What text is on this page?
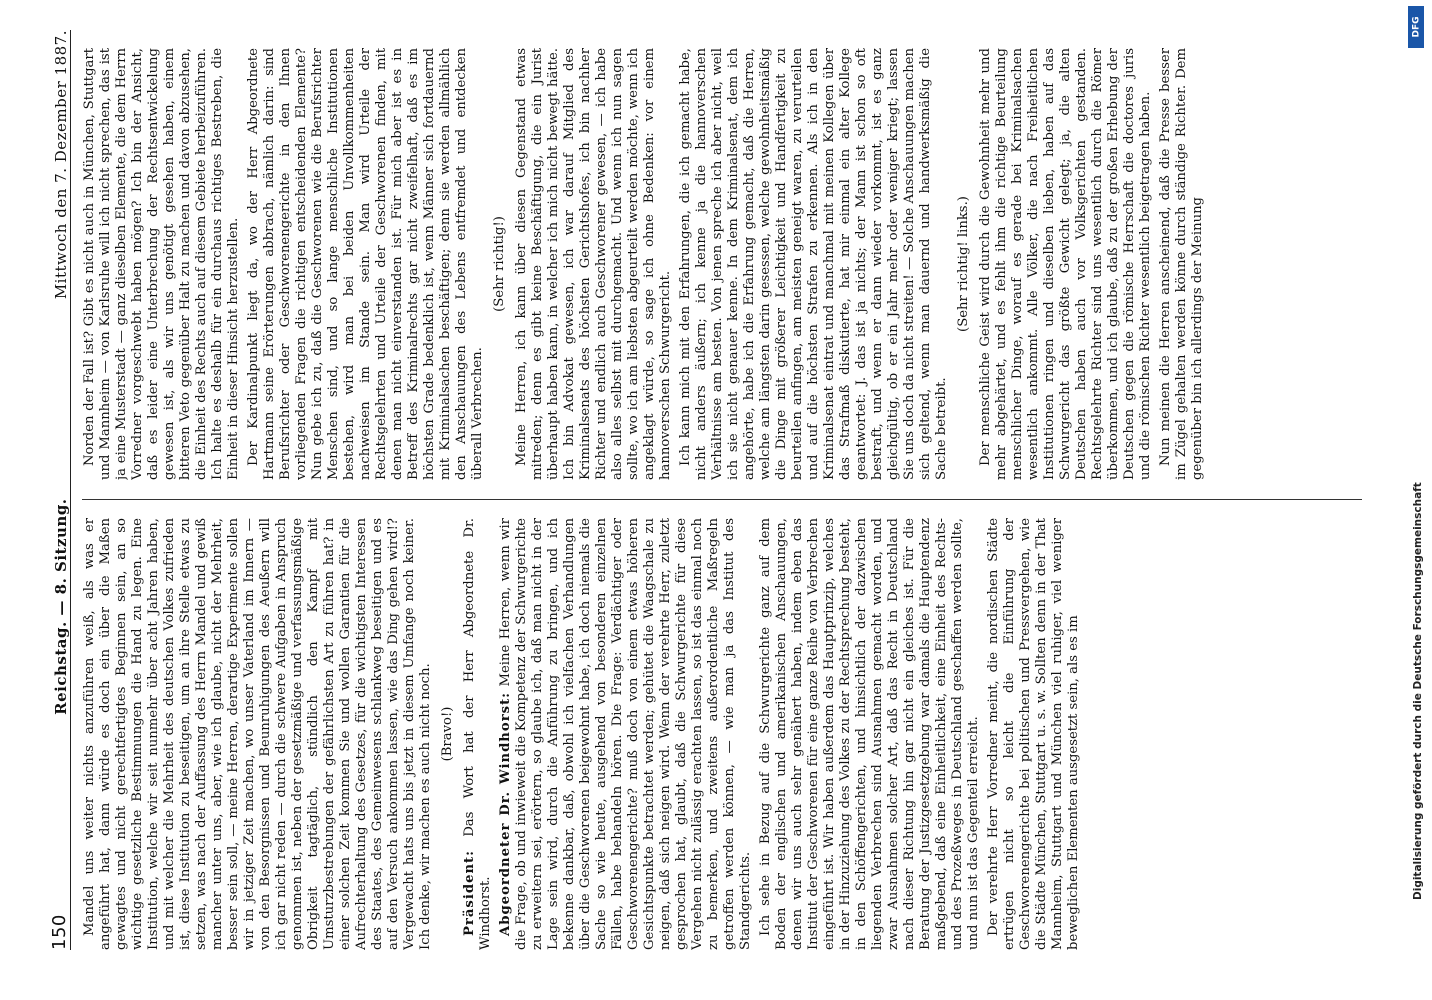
150
Reichstag. — 8. Sitzung.
Mittwoch den 7. Dezember 1887.

Mandel uns weiter nichts anzuführen weiß, als was er angeführt hat, dann würde es doch ein über die Maßen gewagtes und nicht gerechtfertigtes Beginnen sein, an so wichtige gesetzliche Bestimmungen die Hand zu legen. Eine Institution, welche wir seit nunmehr über acht Jahren haben, und mit welcher die Mehrheit des deutschen Volkes zufrieden ist, diese Institution zu beseitigen, um an ihre Stelle etwas zu setzen, was nach der Auffassung des Herrn Mandel und gewiß mancher unter uns, aber, wie ich glaube, nicht der Mehrheit, besser sein soll, — meine Herren, derartige Experimente sollen wir in jetziger Zeit machen, wo unser Vaterland im Innern — von den Besorgnissen und Beunruhigungen des Aeußern will ich gar nicht reden — durch die schwere Aufgaben in Anspruch genommen ist, neben der gesetzmäßige und verfassungsmäßige Obrigkeit tagtäglich, stündlich den Kampf mit Umsturzbestrebungen der gefährlichsten Art zu führen hat? in einer solchen Zeit kommen Sie und wollen Garantien für die Aufrechterhaltung des Gesetzes, für die wichtigsten Interessen des Staates, des Gemeinwesens schlankweg beseitigen und es auf den Versuch ankommen lassen, wie das Ding gehen wird!? Vergewacht hats uns bis jetzt in diesem Umfange noch keiner. Ich denke, wir machen es auch nicht noch. (Bravo!)

Präsident: Das Wort hat der Herr Abgeordnete Dr. Windhorst. Abgeordneter Dr. Windhorst: Meine Herren, wenn wir die Frage, ob und inwieweit die Kompetenz der Schwurgerichte zu erweitern sei, erörtern, so glaube ich, daß man nicht in der Lage sein wird, durch die Anführung zu bringen, und ich bekenne dankbar, daß, obwohl ich vielfachen Verhandlungen über die Geschworenen beigewohnt habe, ich doch niemals die Sache so wie heute, ausgehend von besonderen einzelnen Fällen, habe behandeln hören. Die Frage: Verdächtiger oder Geschworenengerichte? muß doch von einem etwas höheren Gesichtspunkte betrachtet werden; gehütet die Waagschale zu neigen, daß sich neigen wird. Wenn der verehrte Herr, zuletzt gesprochen hat, glaubt, daß die Schwurgerichte für diese Vergehen nicht zulässig erachten lassen, so ist das einmal noch zu bemerken, und zweitens außerordentliche Maßregeln getroffen werden können, — wie man ja das Institut des Standgerichts. Ich sehe in Bezug auf die Schwurgerichte ganz auf dem Boden der englischen und amerikanischen Anschauungen, denen wir uns auch sehr genähert haben, indem eben das Institut der Geschworenen für eine ganze Reihe von Verbrechen eingeführt ist. Wir haben außerdem das Hauptprinzip, welches in der Hinzuziehung des Volkes zu der Rechtsprechung besteht, in den Schöffengerichten, und hinsichtlich der dazwischen liegenden Verbrechen sind Ausnahmen gemacht worden, und zwar Ausnahmen solcher Art, daß das Recht in Deutschland nach dieser Richtung hin gar nicht ein gleiches ist. Für die Beratung der Justizgesetzgebung war damals die Hauptendenz maßgebend, daß eine Einheitlichkeit, eine Einheit des Rechts- und des Prozeßweges in Deutschland geschaffen werden sollte, und nun ist das Gegenteil erreicht. Der verehrte Herr Vorredner meint, die nordischen Städte ertrügen nicht so leicht die Einführung der Geschworenengerichte bei politischen und Pressvergehen, wie die Städte München, Stuttgart u. s. w. Sollten denn in der That Mannheim, Stuttgart und München viel ruhiger, viel weniger beweglichen Elementen ausgesetzt sein, als es im

Norden der Fall ist? Gibt es nicht auch in München, Stuttgart und Mannheim — von Karlsruhe will ich nicht sprechen, das ist ja eine Musterstadt — ganz dieselben Elemente, die dem Herrn Vorredner vorgeschwebt haben mögen? Ich bin der Ansicht, daß es leider eine Unterbrechung der Rechtsentwickelung gewesen ist, als wir uns genötigt gesehen haben, einem bitteren Veto gegenüber Halt zu machen und davon abzusehen, die Einheit des Rechts auch auf diesem Gebiete herbeizuführen. Ich halte es deshalb für ein durchaus richtiges Bestreben, die Einheit in dieser Hinsicht herzustellen. Der Kardinalpunkt liegt da, wo der Herr Abgeordnete Hartmann seine Erörterungen abbrach, nämlich darin: sind Berufsrichter oder Geschworenengerichte in den Ihnen vorliegenden Fragen die richtigen entscheidenden Elemente? Nun gebe ich zu, daß die Geschworenen wie die Berufsrichter Menschen sind, und so lange menschliche Institutionen bestehen, wird man bei beiden Unvollkommenheiten nachweisen im Stande sein. Man wird Urteile der Rechtsgelehrten und Urteile der Geschworenen finden, mit denen man nicht einverstanden ist. Für mich aber ist es in Betreff des Kriminalrechts gar nicht zweifelhaft, daß es im höchsten Grade bedenklich ist, wenn Männer sich fortdauernd mit Kriminalsachen beschäftigen; denn sie werden allmählich den Anschauungen des Lebens entfremdet und entdecken überall Verbrechen.

(Sehr richtig!) Meine Herren, ich kann über diesen Gegenstand etwas mitreden; denn es gibt keine Beschäftigung, die ein Jurist überhaupt haben kann, in welcher ich mich nicht bewegt hätte. Ich bin Advokat gewesen, ich war darauf Mitglied des Kriminalsenats des höchsten Gerichtshofes, ich bin nachher Richter und endlich auch Geschworener gewesen, — ich habe also alles selbst mit durchgemacht. Und wenn ich nun sagen sollte, wo ich am liebsten abgeurteilt werden möchte, wenn ich angeklagt würde, so sage ich ohne Bedenken: vor einem hannoverschen Schwurgericht. Ich kann mich mit den Erfahrungen, die ich gemacht habe, nicht anders äußern; ich kenne ja die hannoverschen Verhältnisse am besten. Von jenen spreche ich aber nicht, weil ich sie nicht genauer kenne. In dem Kriminalsenat, dem ich angehörte, habe ich die Erfahrung gemacht, daß die Herren, welche am längsten darin gesessen, welche gewohnheitsmäßig die Dinge mit größerer Leichtigkeit und Handfertigkeit zu beurteilen anfingen, am meisten geneigt waren, zu verurteilen und auf die höchsten Strafen zu erkennen. Als ich in den Kriminalsenat eintrat und manchmal mit meinen Kollegen über das Strafmaß diskutierte, hat mir einmal ein alter Kollege geantwortet: J. das ist ja nichts; der Mann ist schon so oft bestraft, und wenn er dann wieder vorkommt, ist es ganz gleichgültig, ob er ein Jahr mehr oder weniger kriegt; lassen Sie uns doch da nicht streiten! — Solche Anschauungen machen sich geltend, wenn man dauernd und handwerksmäßig die Sache betreibt.

(Sehr richtig! links.) Der menschliche Geist wird durch die Gewohnheit mehr und mehr abgehärtet, und es fehlt ihm die richtige Beurteilung menschlicher Dinge, worauf es gerade bei Kriminalsachen wesentlich ankommt. Alle Völker, die nach Freiheitlichen Institutionen ringen und dieselben lieben, haben auf das Schwurgericht das größte Gewicht gelegt; ja, die alten Deutschen haben auch vor Volksgerichten gestanden. Rechtsgelehrte Richter sind uns wesentlich durch die Römer überkommen, und ich glaube, daß zu der großen Erhebung der Deutschen gegen die römische Herrschaft die doctores juris und die römischen Richter wesentlich beigetragen haben. Nun meinen die Herren anscheinend, daß die Presse besser im Zügel gehalten werden könne durch ständige Richter. Dem gegenüber bin ich allerdings der Meinung

DFG
Digitalisierung gefördert durch die Deutsche Forschungsgemeinschaft
